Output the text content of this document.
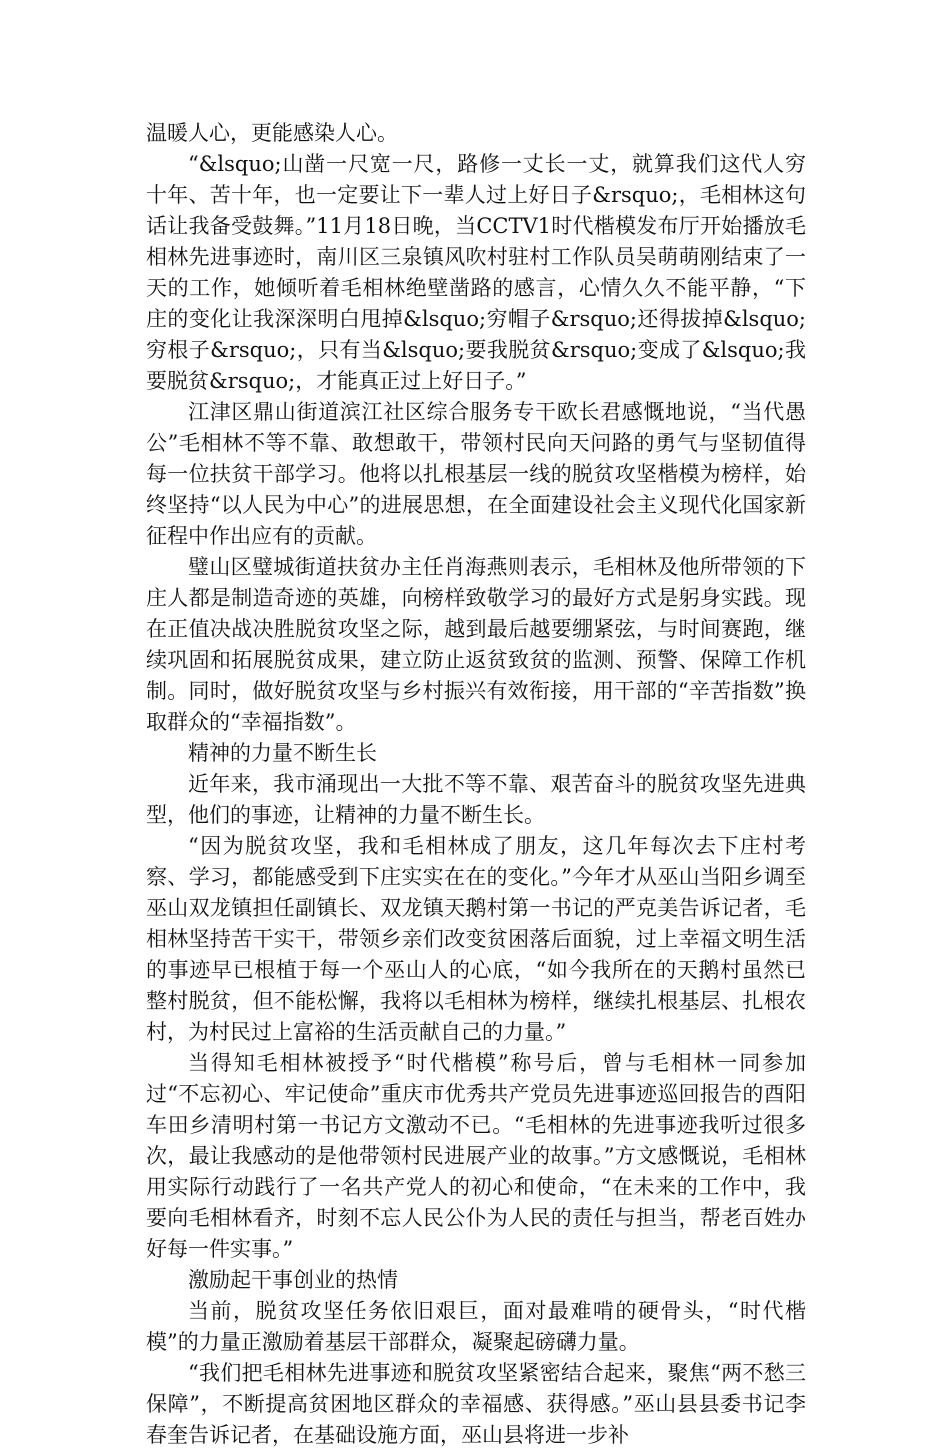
温暖人心，更能感染人心。

“&lsquo;山凿一尺宽一尺，路修一丈长一丈，就算我们这代人穷十年、苦十年，也一定要让下一辈人过上好日子&rsquo;，毛相林这句话让我备受鼓舞。”11月18日晚，当CCTV1时代楷模发布厅开始播放毛相林先进事迹时，南川区三泉镇风吹村驻村工作队员吴萌萌刚结束了一天的工作，她倾听着毛相林绝壁凿路的感言，心情久久不能平静，“下庄的变化让我深深明白甩掉&lsquo;穷帽子&rsquo;还得拔掉&lsquo;穷根子&rsquo;，只有当&lsquo;要我脱贫&rsquo;变成了&lsquo;我要脱贫&rsquo;，才能真正过上好日子。”

江津区鼎山街道滨江社区综合服务专干欧长君感慨地说，“当代愚公”毛相林不等不靠、敢想敢干，带领村民向天问路的勇气与坚韧值得每一位扶贫干部学习。他将以扎根基层一线的脱贫攻坚楷模为榜样，始终坚持“以人民为中心”的进展思想，在全面建设社会主义现代化国家新征程中作出应有的贡献。

璧山区璧城街道扶贫办主任肖海燕则表示，毛相林及他所带领的下庄人都是制造奇迹的英雄，向榜样致敬学习的最好方式是躬身实践。现在正值决战决胜脱贫攻坚之际，越到最后越要绷紧弦，与时间赛跑，继续巩固和拓展脱贫成果，建立防止返贫致贫的监测、预警、保障工作机制。同时，做好脱贫攻坚与乡村振兴有效衔接，用干部的“辛苦指数”换取群众的“幸福指数”。

精神的力量不断生长

近年来，我市涌现出一大批不等不靠、艰苦奋斗的脱贫攻坚先进典型，他们的事迹，让精神的力量不断生长。

“因为脱贫攻坚，我和毛相林成了朋友，这几年每次去下庄村考察、学习，都能感受到下庄实实在在的变化。”今年才从巫山当阳乡调至巫山双龙镇担任副镇长、双龙镇天鹅村第一书记的严克美告诉记者，毛相林坚持苦干实干，带领乡亲们改变贫困落后面貌，过上幸福文明生活的事迹早已根植于每一个巫山人的心底，“如今我所在的天鹅村虽然已整村脱贫，但不能松懈，我将以毛相林为榜样，继续扎根基层、扎根农村，为村民过上富裕的生活贡献自己的力量。”

当得知毛相林被授予“时代楷模”称号后，曾与毛相林一同参加过“不忘初心、牢记使命”重庆市优秀共产党员先进事迹巡回报告的酉阳车田乡清明村第一书记方文激动不已。“毛相林的先进事迹我听过很多次，最让我感动的是他带领村民进展产业的故事。”方文感慨说，毛相林用实际行动践行了一名共产党人的初心和使命，“在未来的工作中，我要向毛相林看齐，时刻不忘人民公仆为人民的责任与担当，帮老百姓办好每一件实事。”

激励起干事创业的热情

当前，脱贫攻坚任务依旧艰巨，面对最难啃的硬骨头，“时代楷模”的力量正激励着基层干部群众，凝聚起磅礴力量。

“我们把毛相林先进事迹和脱贫攻坚紧密结合起来，聚焦“两不愁三保障”，不断提高贫困地区群众的幸福感、获得感。”巫山县县委书记李春奎告诉记者，在基础设施方面，巫山县将进一步补
